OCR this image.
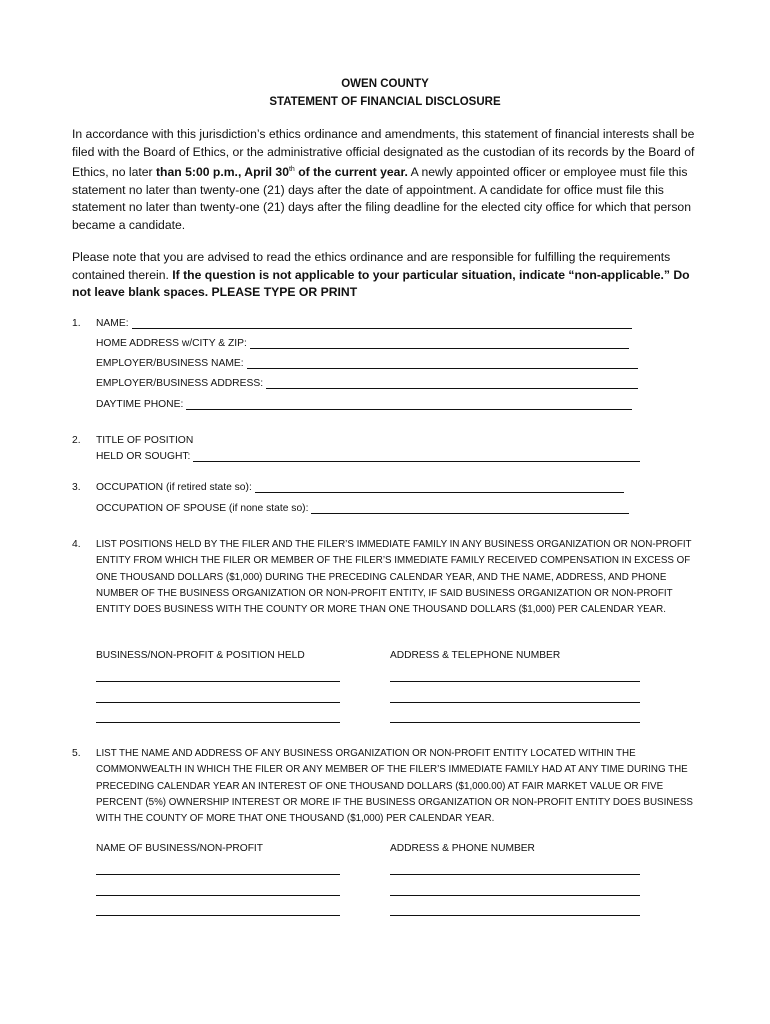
OWEN COUNTY
STATEMENT OF FINANCIAL DISCLOSURE
In accordance with this jurisdiction’s ethics ordinance and amendments, this statement of financial interests shall be filed with the Board of Ethics, or the administrative official designated as the custodian of its records by the Board of Ethics, no later than 5:00 p.m., April 30th of the current year. A newly appointed officer or employee must file this statement no later than twenty-one (21) days after the date of appointment. A candidate for office must file this statement no later than twenty-one (21) days after the filing deadline for the elected city office for which that person became a candidate.
Please note that you are advised to read the ethics ordinance and are responsible for fulfilling the requirements contained therein. If the question is not applicable to your particular situation, indicate “non-applicable.” Do not leave blank spaces. PLEASE TYPE OR PRINT
1. NAME:
HOME ADDRESS w/CITY & ZIP:
EMPLOYER/BUSINESS NAME:
EMPLOYER/BUSINESS ADDRESS:
DAYTIME PHONE:
2. TITLE OF POSITION
HELD OR SOUGHT:
3. OCCUPATION (if retired state so):
OCCUPATION OF SPOUSE (if none state so):
4. LIST POSITIONS HELD BY THE FILER AND THE FILER’S IMMEDIATE FAMILY IN ANY BUSINESS ORGANIZATION OR NON-PROFIT ENTITY FROM WHICH THE FILER OR MEMBER OF THE FILER’S IMMEDIATE FAMILY RECEIVED COMPENSATION IN EXCESS OF ONE THOUSAND DOLLARS ($1,000) DURING THE PRECEDING CALENDAR YEAR, AND THE NAME, ADDRESS, AND PHONE NUMBER OF THE BUSINESS ORGANIZATION OR NON-PROFIT ENTITY, IF SAID BUSINESS ORGANIZATION OR NON-PROFIT ENTITY DOES BUSINESS WITH THE COUNTY OR MORE THAN ONE THOUSAND DOLLARS ($1,000) PER CALENDAR YEAR.
BUSINESS/NON-PROFIT & POSITION HELD	ADDRESS & TELEPHONE NUMBER
5. LIST THE NAME AND ADDRESS OF ANY BUSINESS ORGANIZATION OR NON-PROFIT ENTITY LOCATED WITHIN THE COMMONWEALTH IN WHICH THE FILER OR ANY MEMBER OF THE FILER’S IMMEDIATE FAMILY HAD AT ANY TIME DURING THE PRECEDING CALENDAR YEAR AN INTEREST OF ONE THOUSAND DOLLARS ($1,000.00) AT FAIR MARKET VALUE OR FIVE PERCENT (5%) OWNERSHIP INTEREST OR MORE IF THE BUSINESS ORGANIZATION OR NON-PROFIT ENTITY DOES BUSINESS WITH THE COUNTY OF MORE THAT ONE THOUSAND ($1,000) PER CALENDAR YEAR.
NAME OF BUSINESS/NON-PROFIT	ADDRESS & PHONE NUMBER
